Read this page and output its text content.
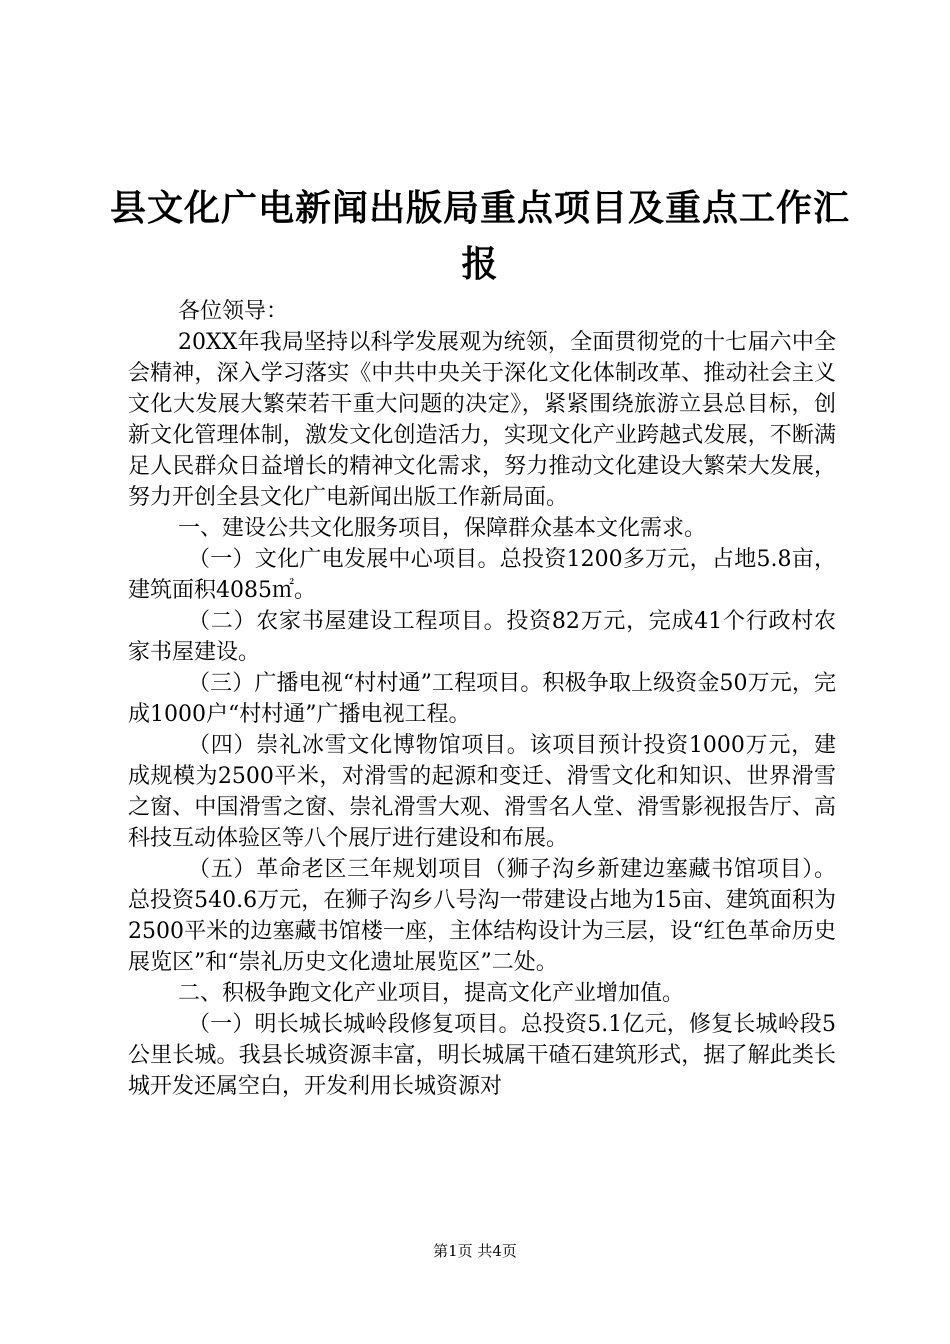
县文化广电新闻出版局重点项目及重点工作汇报

各位领导：

20XX年我局坚持以科学发展观为统领，全面贯彻党的十七届六中全会精神，深入学习落实《中共中央关于深化文化体制改革、推动社会主义文化大发展大繁荣若干重大问题的决定》，紧紧围绕旅游立县总目标，创新文化管理体制，激发文化创造活力，实现文化产业跨越式发展，不断满足人民群众日益增长的精神文化需求，努力推动文化建设大繁荣大发展，努力开创全县文化广电新闻出版工作新局面。

一、建设公共文化服务项目，保障群众基本文化需求。

（一）文化广电发展中心项目。总投资1200多万元，占地5.8亩，建筑面积4085㎡。

（二）农家书屋建设工程项目。投资82万元，完成41个行政村农家书屋建设。

（三）广播电视“村村通”工程项目。积极争取上级资金50万元，完成1000户“村村通”广播电视工程。

（四）崇礼冰雪文化博物馆项目。该项目预计投资1000万元，建成规模为2500平米，对滑雪的起源和变迁、滑雪文化和知识、世界滑雪之窗、中国滑雪之窗、崇礼滑雪大观、滑雪名人堂、滑雪影视报告厅、高科技互动体验区等八个展厅进行建设和布展。

（五）革命老区三年规划项目（狮子沟乡新建边塞藏书馆项目）。总投资540.6万元，在狮子沟乡八号沟一带建设占地为15亩、建筑面积为2500平米的边塞藏书馆楼一座，主体结构设计为三层，设“红色革命历史展览区”和“崇礼历史文化遗址展览区”二处。

二、积极争跑文化产业项目，提高文化产业增加值。

（一）明长城长城岭段修复项目。总投资5.1亿元，修复长城岭段5公里长城。我县长城资源丰富，明长城属干碴石建筑形式，据了解此类长城开发还属空白，开发利用长城资源对

第1页 共4页
